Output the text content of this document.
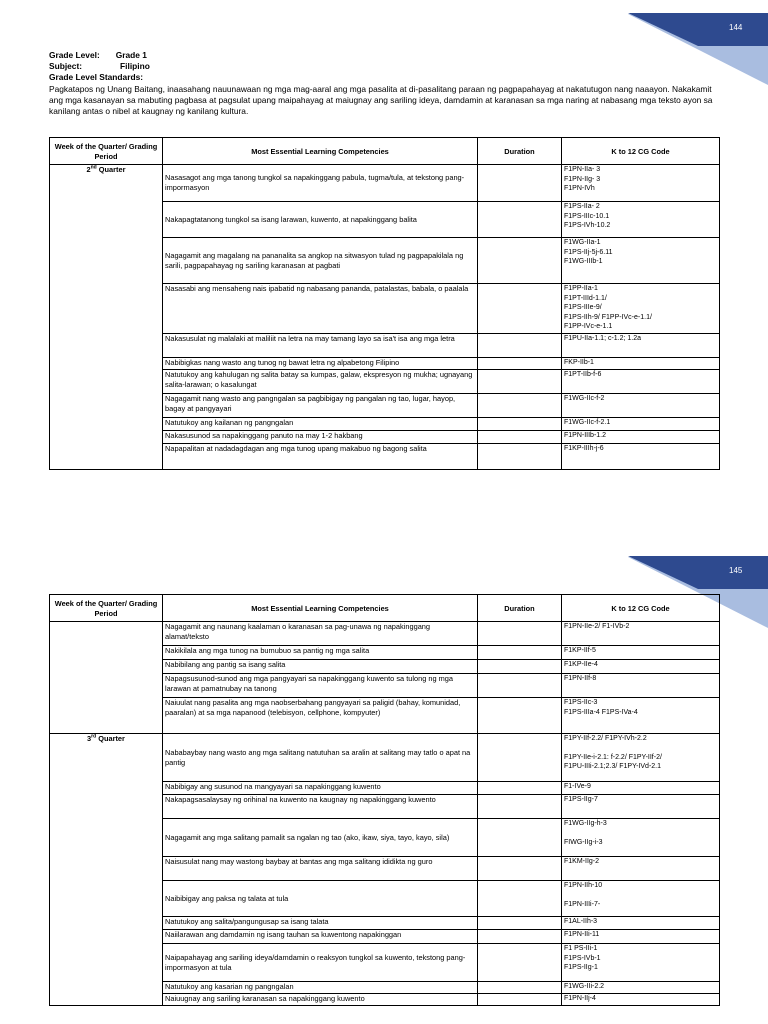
144
Grade Level: Grade 1
Subject:	Filipino
Grade Level Standards:

Pagkatapos ng Unang Baitang, inaasahang nauunawaan ng mga mag-aaral ang mga pasalita at di-pasalitang paraan ng pagpapahayag at nakatutugon nang naaayon. Nakakamit ang mga kasanayan sa mabuting pagbasa at pagsulat upang maipahayag at maiugnay ang sariling ideya, damdamin at karanasan sa mga naring at nabasang mga teksto ayon sa kanilang antas o nibel at kaugnay ng kanilang kultura.

Week of the Quarter/ Grading Period	Most Essential Learning Competencies	Duration	K to 12 CG Code
2nd Quarter	Nasasagot ang mga tanong tungkol sa napakinggang pabula, tugma/tula, at tekstong pang-impormasyon		F1PN-IIa- 3
F1PN-IIg- 3
F1PN-IVh

	Nakapagtatanong tungkol sa isang larawan, kuwento, at napakinggang balita		F1PS-IIa- 2
F1PS-IIIc-10.1
F1PS-IVh-10.2

	Nagagamit ang magalang na pananalita sa angkop na sitwasyon tulad ng pagpapakilala ng sarili, pagpapahayag ng sariling karanasan at pagbati		F1WG-IIa-1
F1PS-IIj-5j-6.11
F1WG-IIIb-1

	Nasasabi ang mensaheng nais ipabatid ng nabasang pananda, patalastas, babala, o paalala		F1PP-IIa-1
F1PT-IIId-1.1/
F1PS-IIIe-9/
F1PS-IIh-9/ F1PP-IVc-e-1.1/
F1PP-IVc-e-1.1

	Nakasusulat ng malalaki at maliliit na letra na may tamang layo sa isa't isa ang mga letra		F1PU-IIa-1.1; c-1.2; 1.2a

	Nabibigkas nang wasto ang tunog ng bawat letra ng alpabetong Filipino		FKP-IIb-1

	Natutukoy ang kahulugan ng salita batay sa kumpas, galaw, ekspresyon ng mukha; ugnayang salita-larawan; o kasalungat		F1PT-IIb-f-6

	Nagagamit nang wasto ang pangngalan sa pagbibigay ng pangalan ng tao, lugar, hayop, bagay at pangyayari		F1WG-IIc-f-2

	Natutukoy ang kailanan ng pangngalan		F1WG-IIc-f-2.1

	Nakasusunod sa napakinggang panuto na may 1-2 hakbang		F1PN-IIIb-1.2

	Napapalitan at nadadagdagan ang mga tunog upang makabuo ng bagong salita		F1KP-IIIh-j-6
145
Week of the Quarter/ Grading Period	Most Essential Learning Competencies	Duration	K to 12 CG Code
	Nagagamit ang naunang kaalaman o karanasan sa pag-unawa ng napakinggang alamat/teksto		F1PN-IIe-2/ F1-IVb-2

	Nakikilala ang mga tunog na bumubuo sa pantig ng mga salita		F1KP-IIf-5

	Nabibilang ang pantig sa isang salita		F1KP-IIe-4

	Napagsusunod-sunod ang mga pangyayari sa napakinggang kuwento sa tulong ng mga larawan at pamatnubay na tanong		F1PN-IIf-8

	Naiuulat nang pasalita ang mga naobserbahang pangyayari sa paligid (bahay, komunidad, paaralan) at sa mga napanood (telebisyon, cellphone, kompyuter)		F1PS-IIc-3
F1PS-IIIa-4 F1PS-IVa-4

3rd Quarter	Nababaybay nang wasto ang mga salitang natutuhan sa aralin at salitang may tatlo o apat na pantig		F1PY-IIf-2.2/ F1PY-IVh-2.2
F1PY-IIe-i-2.1: f-2.2/ F1PY-IIf-2/
F1PU-IIIi-2.1;2.3/ F1PY-IVd-2.1

	Nabibigay ang susunod na mangyayari sa napakinggang kuwento		F1-IVe-9

	Nakapagsasalaysay ng orihinal na kuwento na kaugnay ng napakinggang kuwento		F1PS-IIg-7

	Nagagamit ang mga salitang pamalit sa ngalan ng tao (ako, ikaw, siya, tayo, kayo, sila)		F1WG-IIg-h-3
FIWG-IIg-i-3

	Naisusulat nang may wastong baybay at bantas ang mga salitang ididikta ng guro		F1KM-IIg-2

	Naibibigay ang paksa ng talata at tula		F1PN-IIh-10
F1PN-IIIi-7-

	Natutukoy ang salita/pangungusap sa isang talata		F1AL-IIh-3

	Naiilarawan ang damdamin ng isang tauhan sa kuwentong napakinggan		F1PN-IIi-11

	Naipapahayag ang sariling ideya/damdamin o reaksyon tungkol sa kuwento, tekstong pang-impormasyon at tula		F1 PS-IIi-1
F1PS-IVb-1
F1PS-IIg-1

	Natutukoy ang kasarian ng pangngalan		F1WG-IIi-2.2

	Naiuugnay ang sariling karanasan sa napakinggang kuwento		F1PN-IIj-4
